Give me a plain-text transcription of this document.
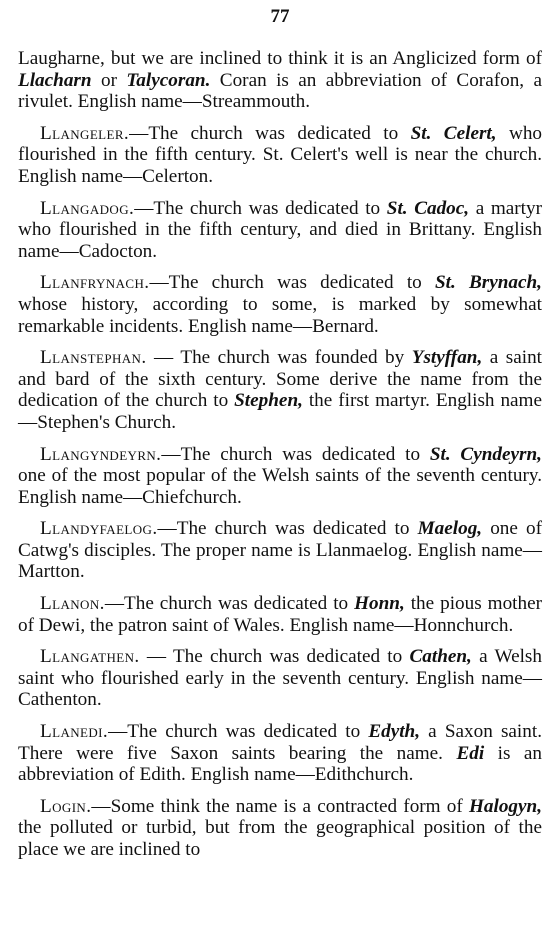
77

Laugharne, but we are inclined to think it is an Anglicized form of Llacharn or Talycoran. Coran is an abbreviation of Corafon, a rivulet. English name—Streammouth.

Llangeler.—The church was dedicated to St. Celert, who flourished in the fifth century. St. Celert's well is near the church. English name—Celerton.

Llangadog.—The church was dedicated to St. Cadoc, a martyr who flourished in the fifth century, and died in Brittany. English name—Cadocton.

Llanfrynach.—The church was dedicated to St. Brynach, whose history, according to some, is marked by somewhat remarkable incidents. English name—Bernard.

Llanstephan. — The church was founded by Ystyffan, a saint and bard of the sixth century. Some derive the name from the dedication of the church to Stephen, the first martyr. English name—Stephen's Church.

Llangyndeyrn.—The church was dedicated to St. Cyndeyrn, one of the most popular of the Welsh saints of the seventh century. English name—Chiefchurch.

Llandyfaelog.—The church was dedicated to Maelog, one of Catwg's disciples. The proper name is Llanmaelog. English name—Martton.

Llanon.—The church was dedicated to Honn, the pious mother of Dewi, the patron saint of Wales. English name—Honnchurch.

Llangathen. — The church was dedicated to Cathen, a Welsh saint who flourished early in the seventh century. English name—Cathenton.

Llanedi.—The church was dedicated to Edyth, a Saxon saint. There were five Saxon saints bearing the name. Edi is an abbreviation of Edith. English name—Edithchurch.

Login.—Some think the name is a contracted form of Halogyn, the polluted or turbid, but from the geographical position of the place we are inclined to
